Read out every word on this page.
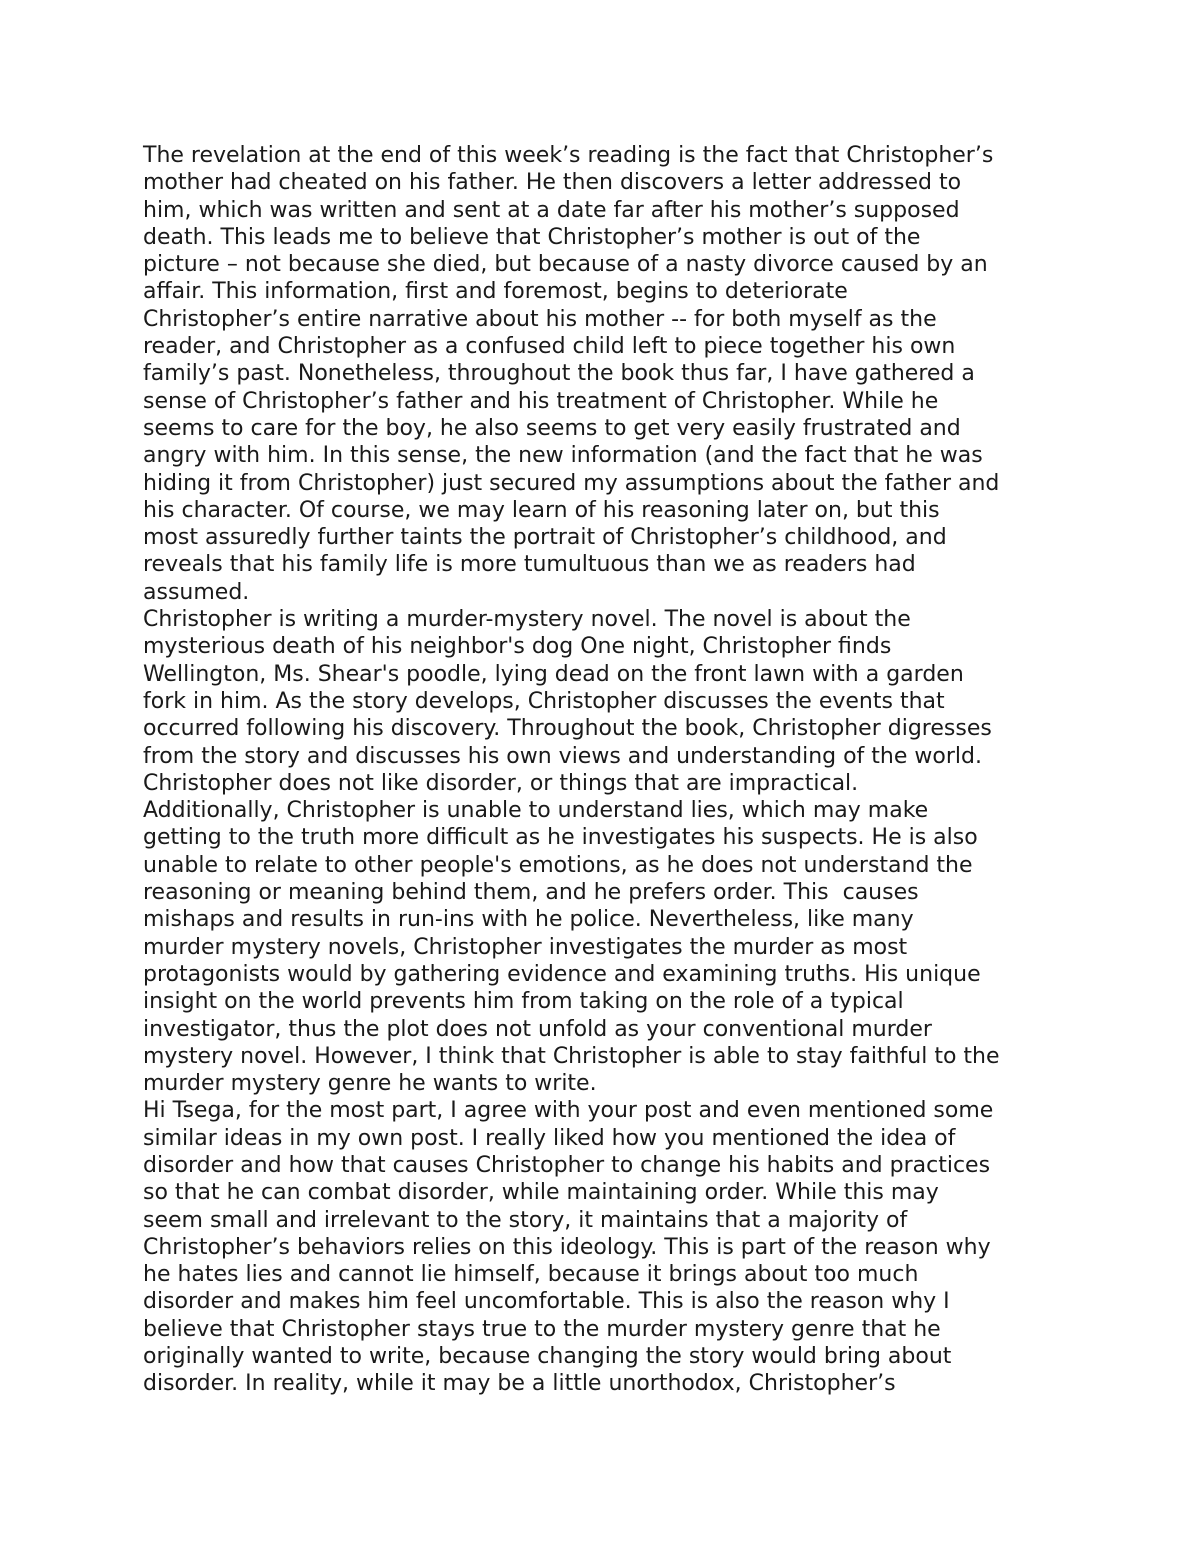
The revelation at the end of this week’s reading is the fact that Christopher’s
mother had cheated on his father. He then discovers a letter addressed to
him, which was written and sent at a date far after his mother’s supposed
death. This leads me to believe that Christopher’s mother is out of the
picture – not because she died, but because of a nasty divorce caused by an
affair. This information, first and foremost, begins to deteriorate
Christopher’s entire narrative about his mother -- for both myself as the
reader, and Christopher as a confused child left to piece together his own
family’s past. Nonetheless, throughout the book thus far, I have gathered a
sense of Christopher’s father and his treatment of Christopher. While he
seems to care for the boy, he also seems to get very easily frustrated and
angry with him. In this sense, the new information (and the fact that he was
hiding it from Christopher) just secured my assumptions about the father and
his character. Of course, we may learn of his reasoning later on, but this
most assuredly further taints the portrait of Christopher’s childhood, and
reveals that his family life is more tumultuous than we as readers had
assumed.

Christopher is writing a murder-mystery novel. The novel is about the
mysterious death of his neighbor's dog One night, Christopher finds
Wellington, Ms. Shear's poodle, lying dead on the front lawn with a garden
fork in him. As the story develops, Christopher discusses the events that
occurred following his discovery. Throughout the book, Christopher digresses
from the story and discusses his own views and understanding of the world.
Christopher does not like disorder, or things that are impractical.
Additionally, Christopher is unable to understand lies, which may make
getting to the truth more difficult as he investigates his suspects. He is also
unable to relate to other people's emotions, as he does not understand the
reasoning or meaning behind them, and he prefers order. This  causes
mishaps and results in run-ins with he police. Nevertheless, like many
murder mystery novels, Christopher investigates the murder as most
protagonists would by gathering evidence and examining truths. His unique
insight on the world prevents him from taking on the role of a typical
investigator, thus the plot does not unfold as your conventional murder
mystery novel. However, I think that Christopher is able to stay faithful to the
murder mystery genre he wants to write.

Hi Tsega, for the most part, I agree with your post and even mentioned some
similar ideas in my own post. I really liked how you mentioned the idea of
disorder and how that causes Christopher to change his habits and practices
so that he can combat disorder, while maintaining order. While this may
seem small and irrelevant to the story, it maintains that a majority of
Christopher’s behaviors relies on this ideology. This is part of the reason why
he hates lies and cannot lie himself, because it brings about too much
disorder and makes him feel uncomfortable. This is also the reason why I
believe that Christopher stays true to the murder mystery genre that he
originally wanted to write, because changing the story would bring about
disorder. In reality, while it may be a little unorthodox, Christopher’s
